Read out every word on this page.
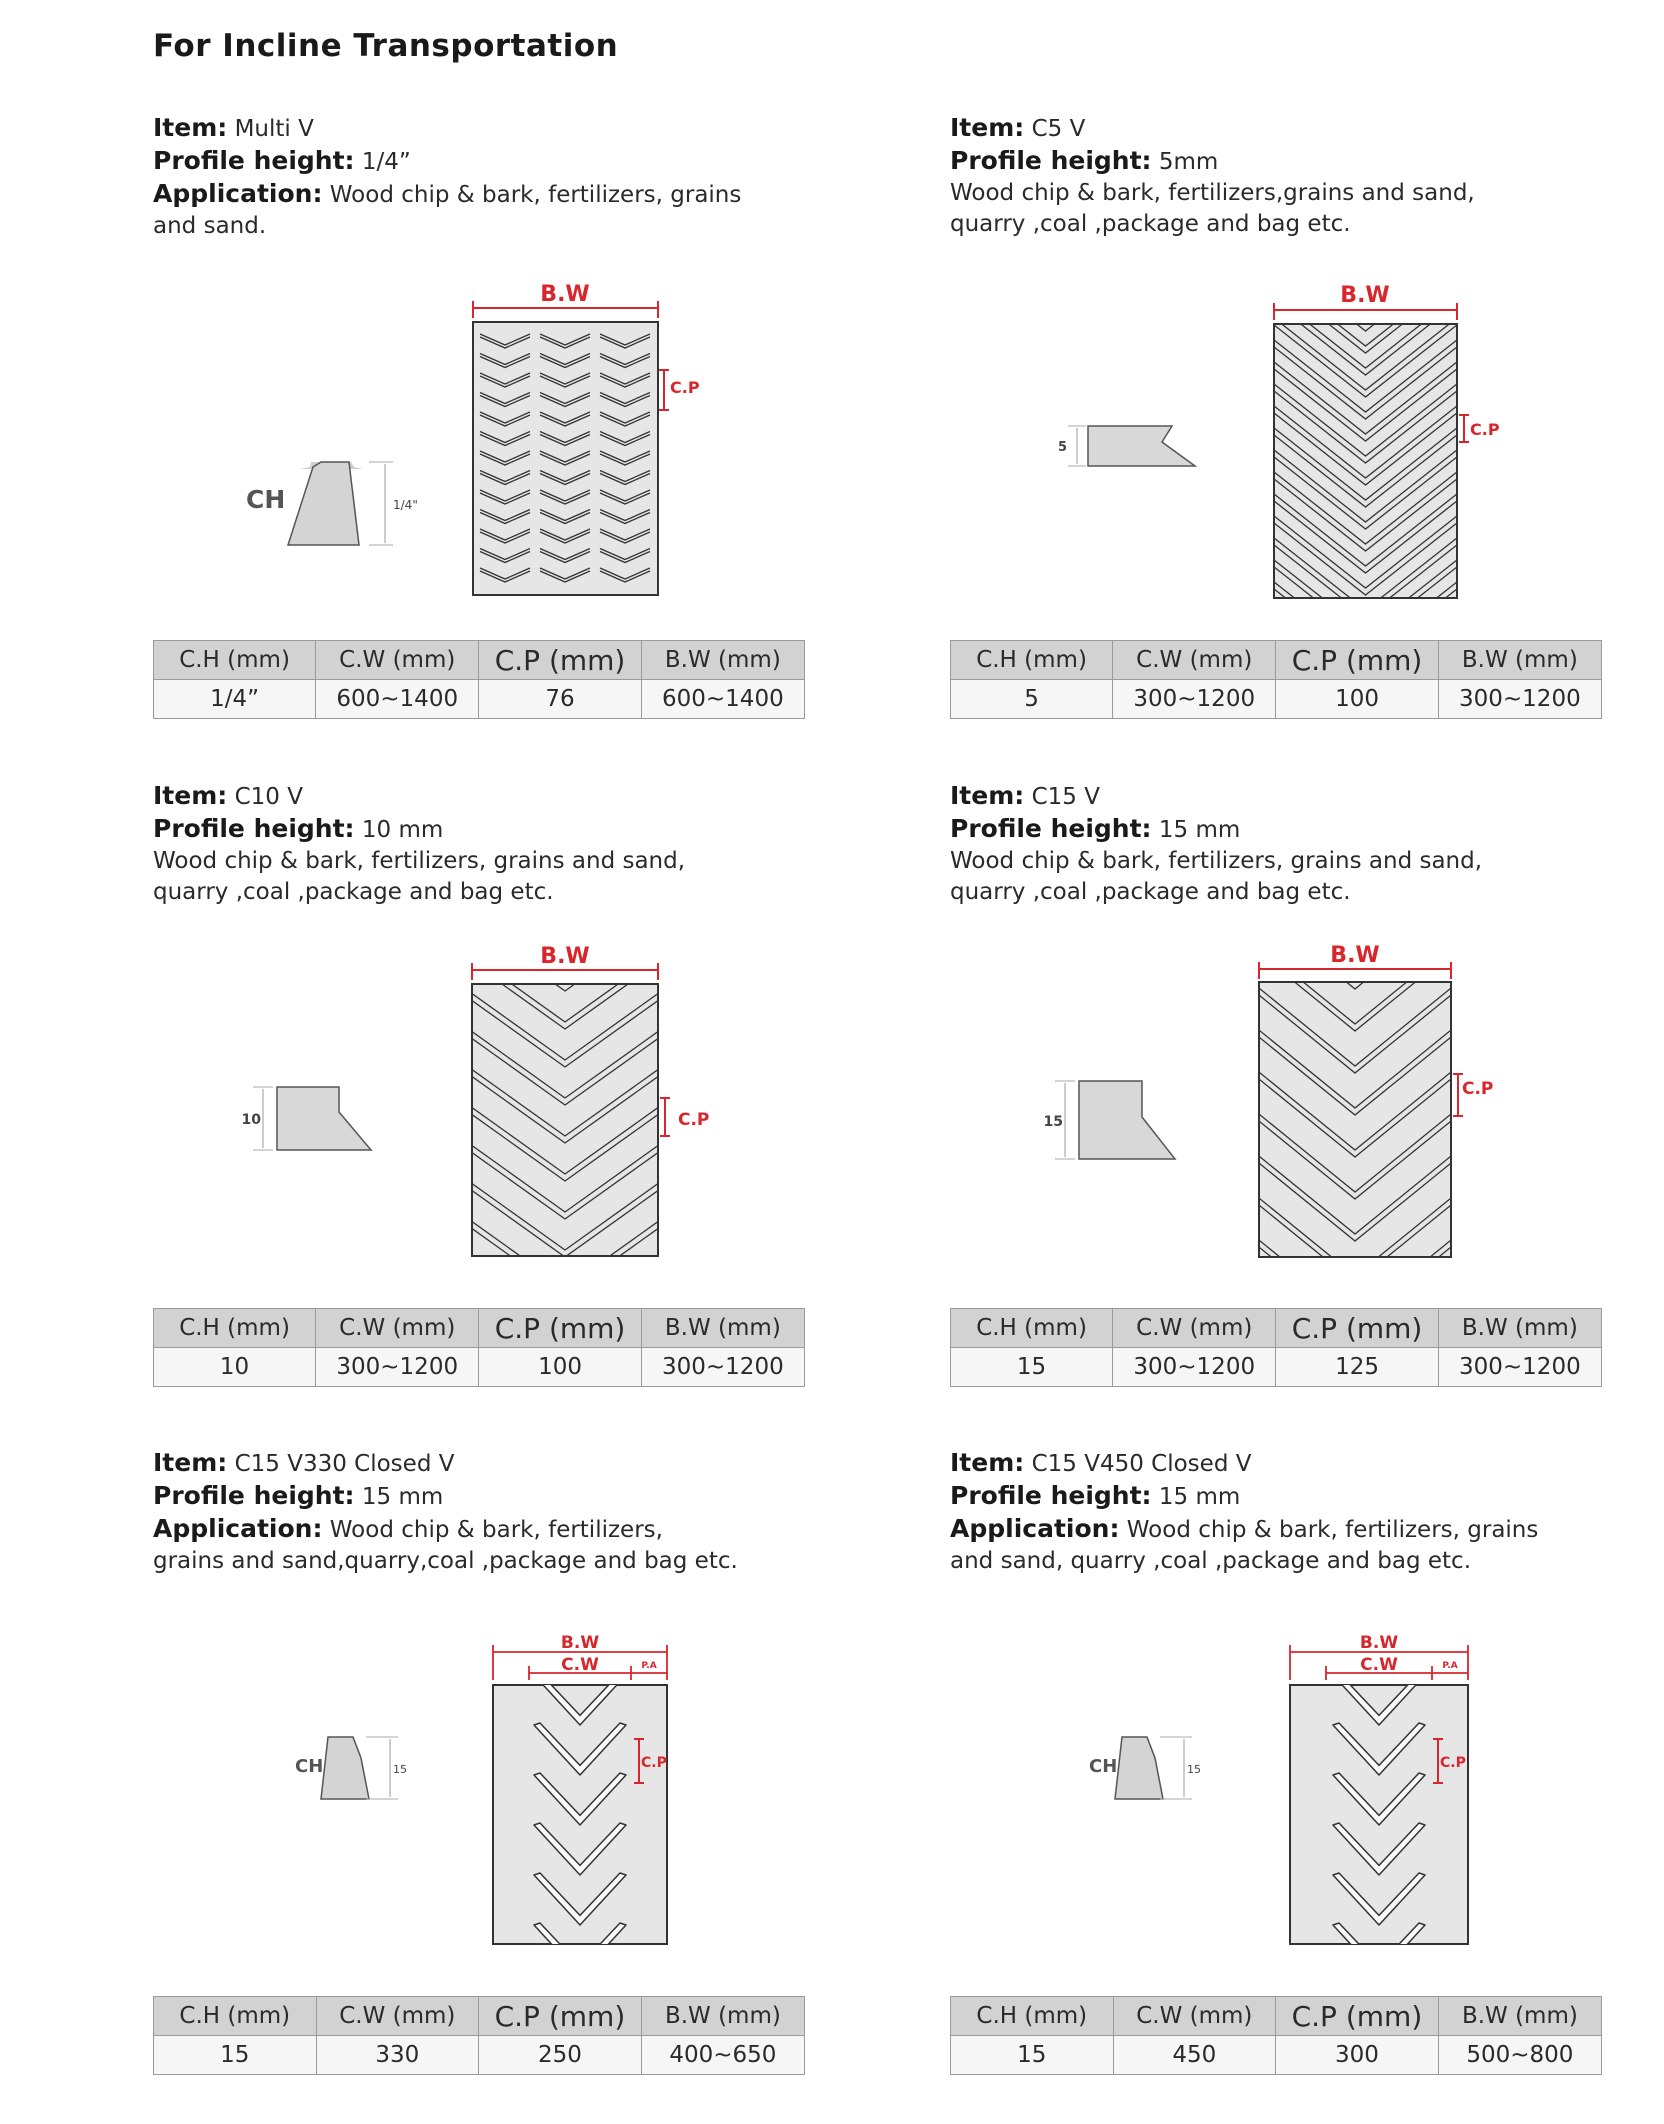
For Incline Transportation
Item: Multi V
Profile height: 1/4”
Application: Wood chip & bark, fertilizers, grains
and sand.
CH	1/4"
B.W
C.P
C.H (mm)	C.W (mm)	C.P (mm)	B.W (mm)
1/4”	600~1400	76	600~1400
Item: C5 V
Profile height: 5mm
Wood chip & bark, fertilizers,grains and sand,
quarry ,coal ,package and bag etc.
5
B.W
C.P
C.H (mm)	C.W (mm)	C.P (mm)	B.W (mm)
5	300~1200	100	300~1200
Item: C10 V
Profile height: 10 mm
Wood chip & bark, fertilizers, grains and sand,
quarry ,coal ,package and bag etc.
10
B.W
C.P
C.H (mm)	C.W (mm)	C.P (mm)	B.W (mm)
10	300~1200	100	300~1200
Item: C15 V
Profile height: 15 mm
Wood chip & bark, fertilizers, grains and sand,
quarry ,coal ,package and bag etc.
15
B.W
C.P
C.H (mm)	C.W (mm)	C.P (mm)	B.W (mm)
15	300~1200	125	300~1200
Item: C15 V330 Closed V
Profile height: 15 mm
Application: Wood chip & bark, fertilizers,
grains and sand,quarry,coal ,package and bag etc.
CH	15
B.W
C.W	P.A
C.P
C.H (mm)	C.W (mm)	C.P (mm)	B.W (mm)
15	330	250	400~650
Item: C15 V450 Closed V
Profile height: 15 mm
Application: Wood chip & bark, fertilizers, grains
and sand, quarry ,coal ,package and bag etc.
CH	15
B.W
C.W	P.A
C.P
C.H (mm)	C.W (mm)	C.P (mm)	B.W (mm)
15	450	300	500~800
